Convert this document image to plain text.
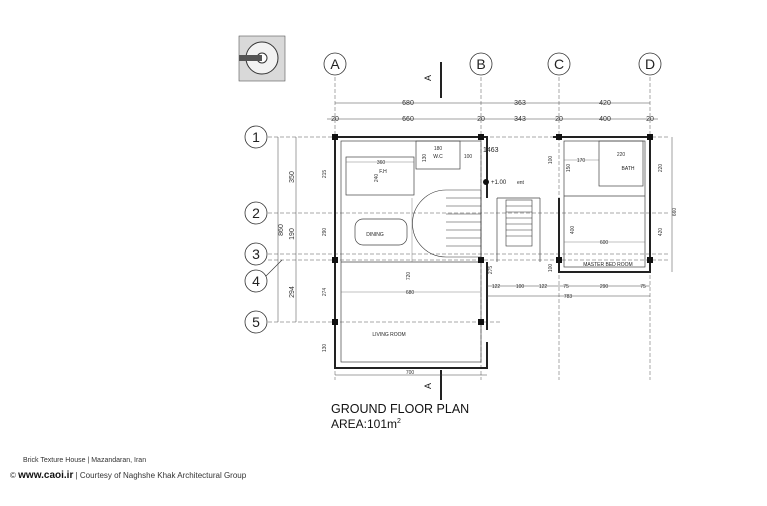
A	B	C	D
1
2
3
4
5
680	363	420
20	660	20	343	20	400	20
350
860 190
294
660
A
A
700
122	100	122	75	290	75
783
360
180
100
170
220
130
240
275
274
290
720
680
600
400
215
130
100
420
220
150
100
F.H
W.C
BATH
DINING
MASTER BED ROOM
LIVING ROOM
+1.00 ent
1463
GROUND FLOOR PLAN
$AREA:101m^2$
Brick Texture House | Mazandaran, Iran
© www.caoi.ir | Courtesy of Naghshe Khak Architectural Group
